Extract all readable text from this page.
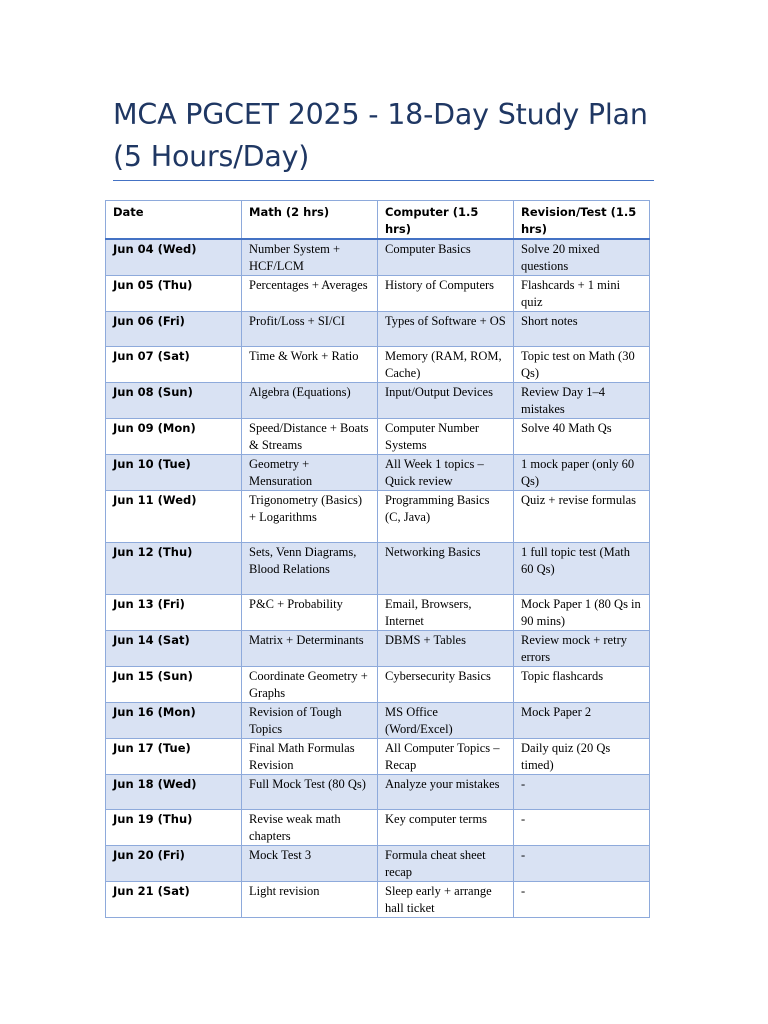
MCA PGCET 2025 - 18-Day Study Plan (5 Hours/Day)
Date	Math (2 hrs)	Computer (1.5 hrs)	Revision/Test (1.5 hrs)
Jun 04 (Wed)	Number System + HCF/LCM	Computer Basics	Solve 20 mixed questions
Jun 05 (Thu)	Percentages + Averages	History of Computers	Flashcards + 1 mini quiz
Jun 06 (Fri)	Profit/Loss + SI/CI	Types of Software + OS	Short notes
Jun 07 (Sat)	Time & Work + Ratio	Memory (RAM, ROM, Cache)	Topic test on Math (30 Qs)
Jun 08 (Sun)	Algebra (Equations)	Input/Output Devices	Review Day 1–4 mistakes
Jun 09 (Mon)	Speed/Distance + Boats & Streams	Computer Number Systems	Solve 40 Math Qs
Jun 10 (Tue)	Geometry + Mensuration	All Week 1 topics – Quick review	1 mock paper (only 60 Qs)
Jun 11 (Wed)	Trigonometry (Basics) + Logarithms	Programming Basics (C, Java)	Quiz + revise formulas
Jun 12 (Thu)	Sets, Venn Diagrams, Blood Relations	Networking Basics	1 full topic test (Math 60 Qs)
Jun 13 (Fri)	P&C + Probability	Email, Browsers, Internet	Mock Paper 1 (80 Qs in 90 mins)
Jun 14 (Sat)	Matrix + Determinants	DBMS + Tables	Review mock + retry errors
Jun 15 (Sun)	Coordinate Geometry + Graphs	Cybersecurity Basics	Topic flashcards
Jun 16 (Mon)	Revision of Tough Topics	MS Office (Word/Excel)	Mock Paper 2
Jun 17 (Tue)	Final Math Formulas Revision	All Computer Topics – Recap	Daily quiz (20 Qs timed)
Jun 18 (Wed)	Full Mock Test (80 Qs)	Analyze your mistakes	-
Jun 19 (Thu)	Revise weak math chapters	Key computer terms	-
Jun 20 (Fri)	Mock Test 3	Formula cheat sheet recap	-
Jun 21 (Sat)	Light revision	Sleep early + arrange hall ticket	-
